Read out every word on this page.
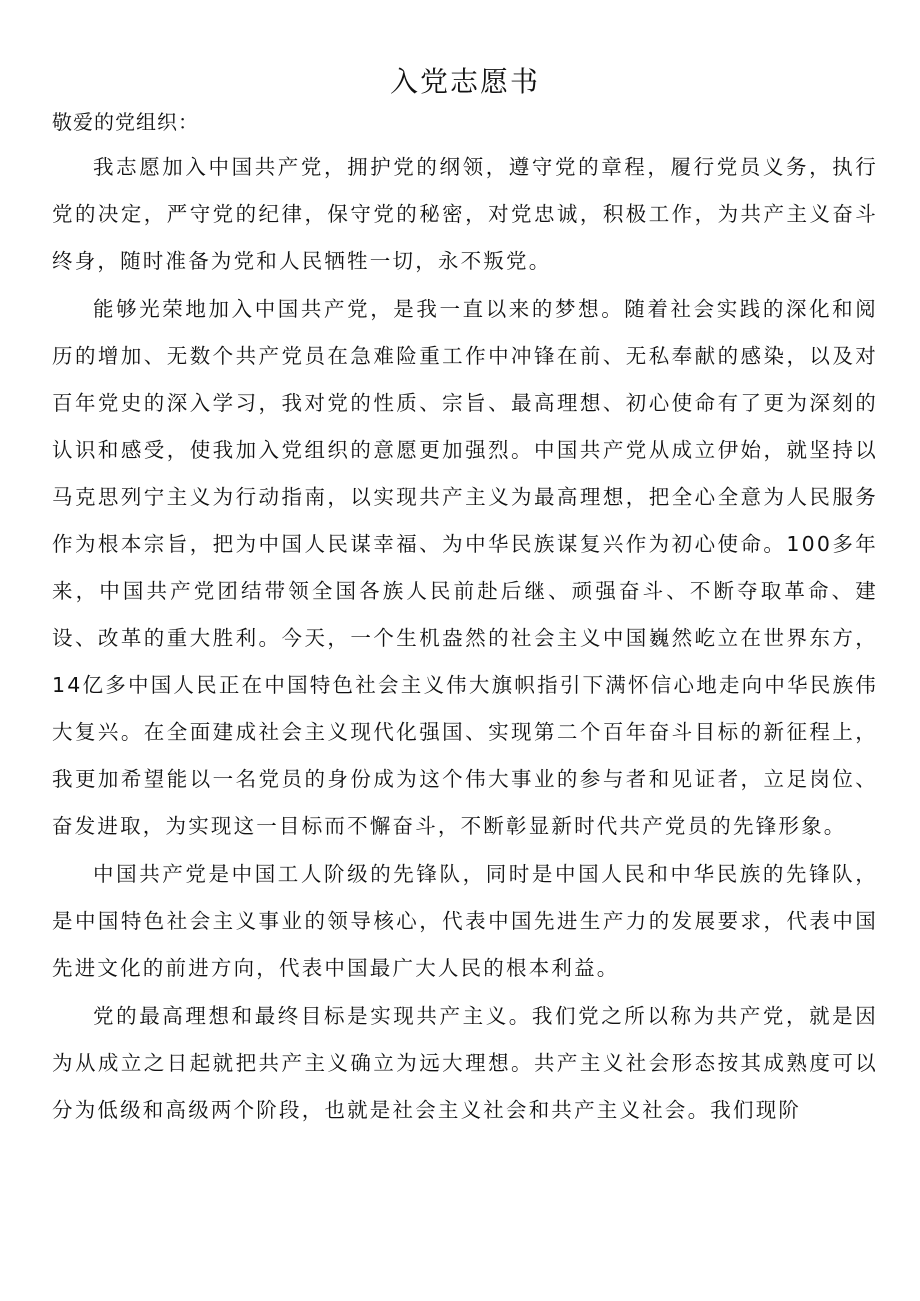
入党志愿书
敬爱的党组织：

我志愿加入中国共产党，拥护党的纲领，遵守党的章程，履行党员义务，执行党的决定，严守党的纪律，保守党的秘密，对党忠诚，积极工作，为共产主义奋斗终身，随时准备为党和人民牺牲一切，永不叛党。

能够光荣地加入中国共产党，是我一直以来的梦想。随着社会实践的深化和阅历的增加、无数个共产党员在急难险重工作中冲锋在前、无私奉献的感染，以及对百年党史的深入学习，我对党的性质、宗旨、最高理想、初心使命有了更为深刻的认识和感受，使我加入党组织的意愿更加强烈。中国共产党从成立伊始，就坚持以马克思列宁主义为行动指南，以实现共产主义为最高理想，把全心全意为人民服务作为根本宗旨，把为中国人民谋幸福、为中华民族谋复兴作为初心使命。100多年来，中国共产党团结带领全国各族人民前赴后继、顽强奋斗、不断夺取革命、建设、改革的重大胜利。今天，一个生机盎然的社会主义中国巍然屹立在世界东方，14亿多中国人民正在中国特色社会主义伟大旗帜指引下满怀信心地走向中华民族伟大复兴。在全面建成社会主义现代化强国、实现第二个百年奋斗目标的新征程上，我更加希望能以一名党员的身份成为这个伟大事业的参与者和见证者，立足岗位、奋发进取，为实现这一目标而不懈奋斗，不断彰显新时代共产党员的先锋形象。

中国共产党是中国工人阶级的先锋队，同时是中国人民和中华民族的先锋队，是中国特色社会主义事业的领导核心，代表中国先进生产力的发展要求，代表中国先进文化的前进方向，代表中国最广大人民的根本利益。

党的最高理想和最终目标是实现共产主义。我们党之所以称为共产党，就是因为从成立之日起就把共产主义确立为远大理想。共产主义社会形态按其成熟度可以分为低级和高级两个阶段，也就是社会主义社会和共产主义社会。我们现阶
